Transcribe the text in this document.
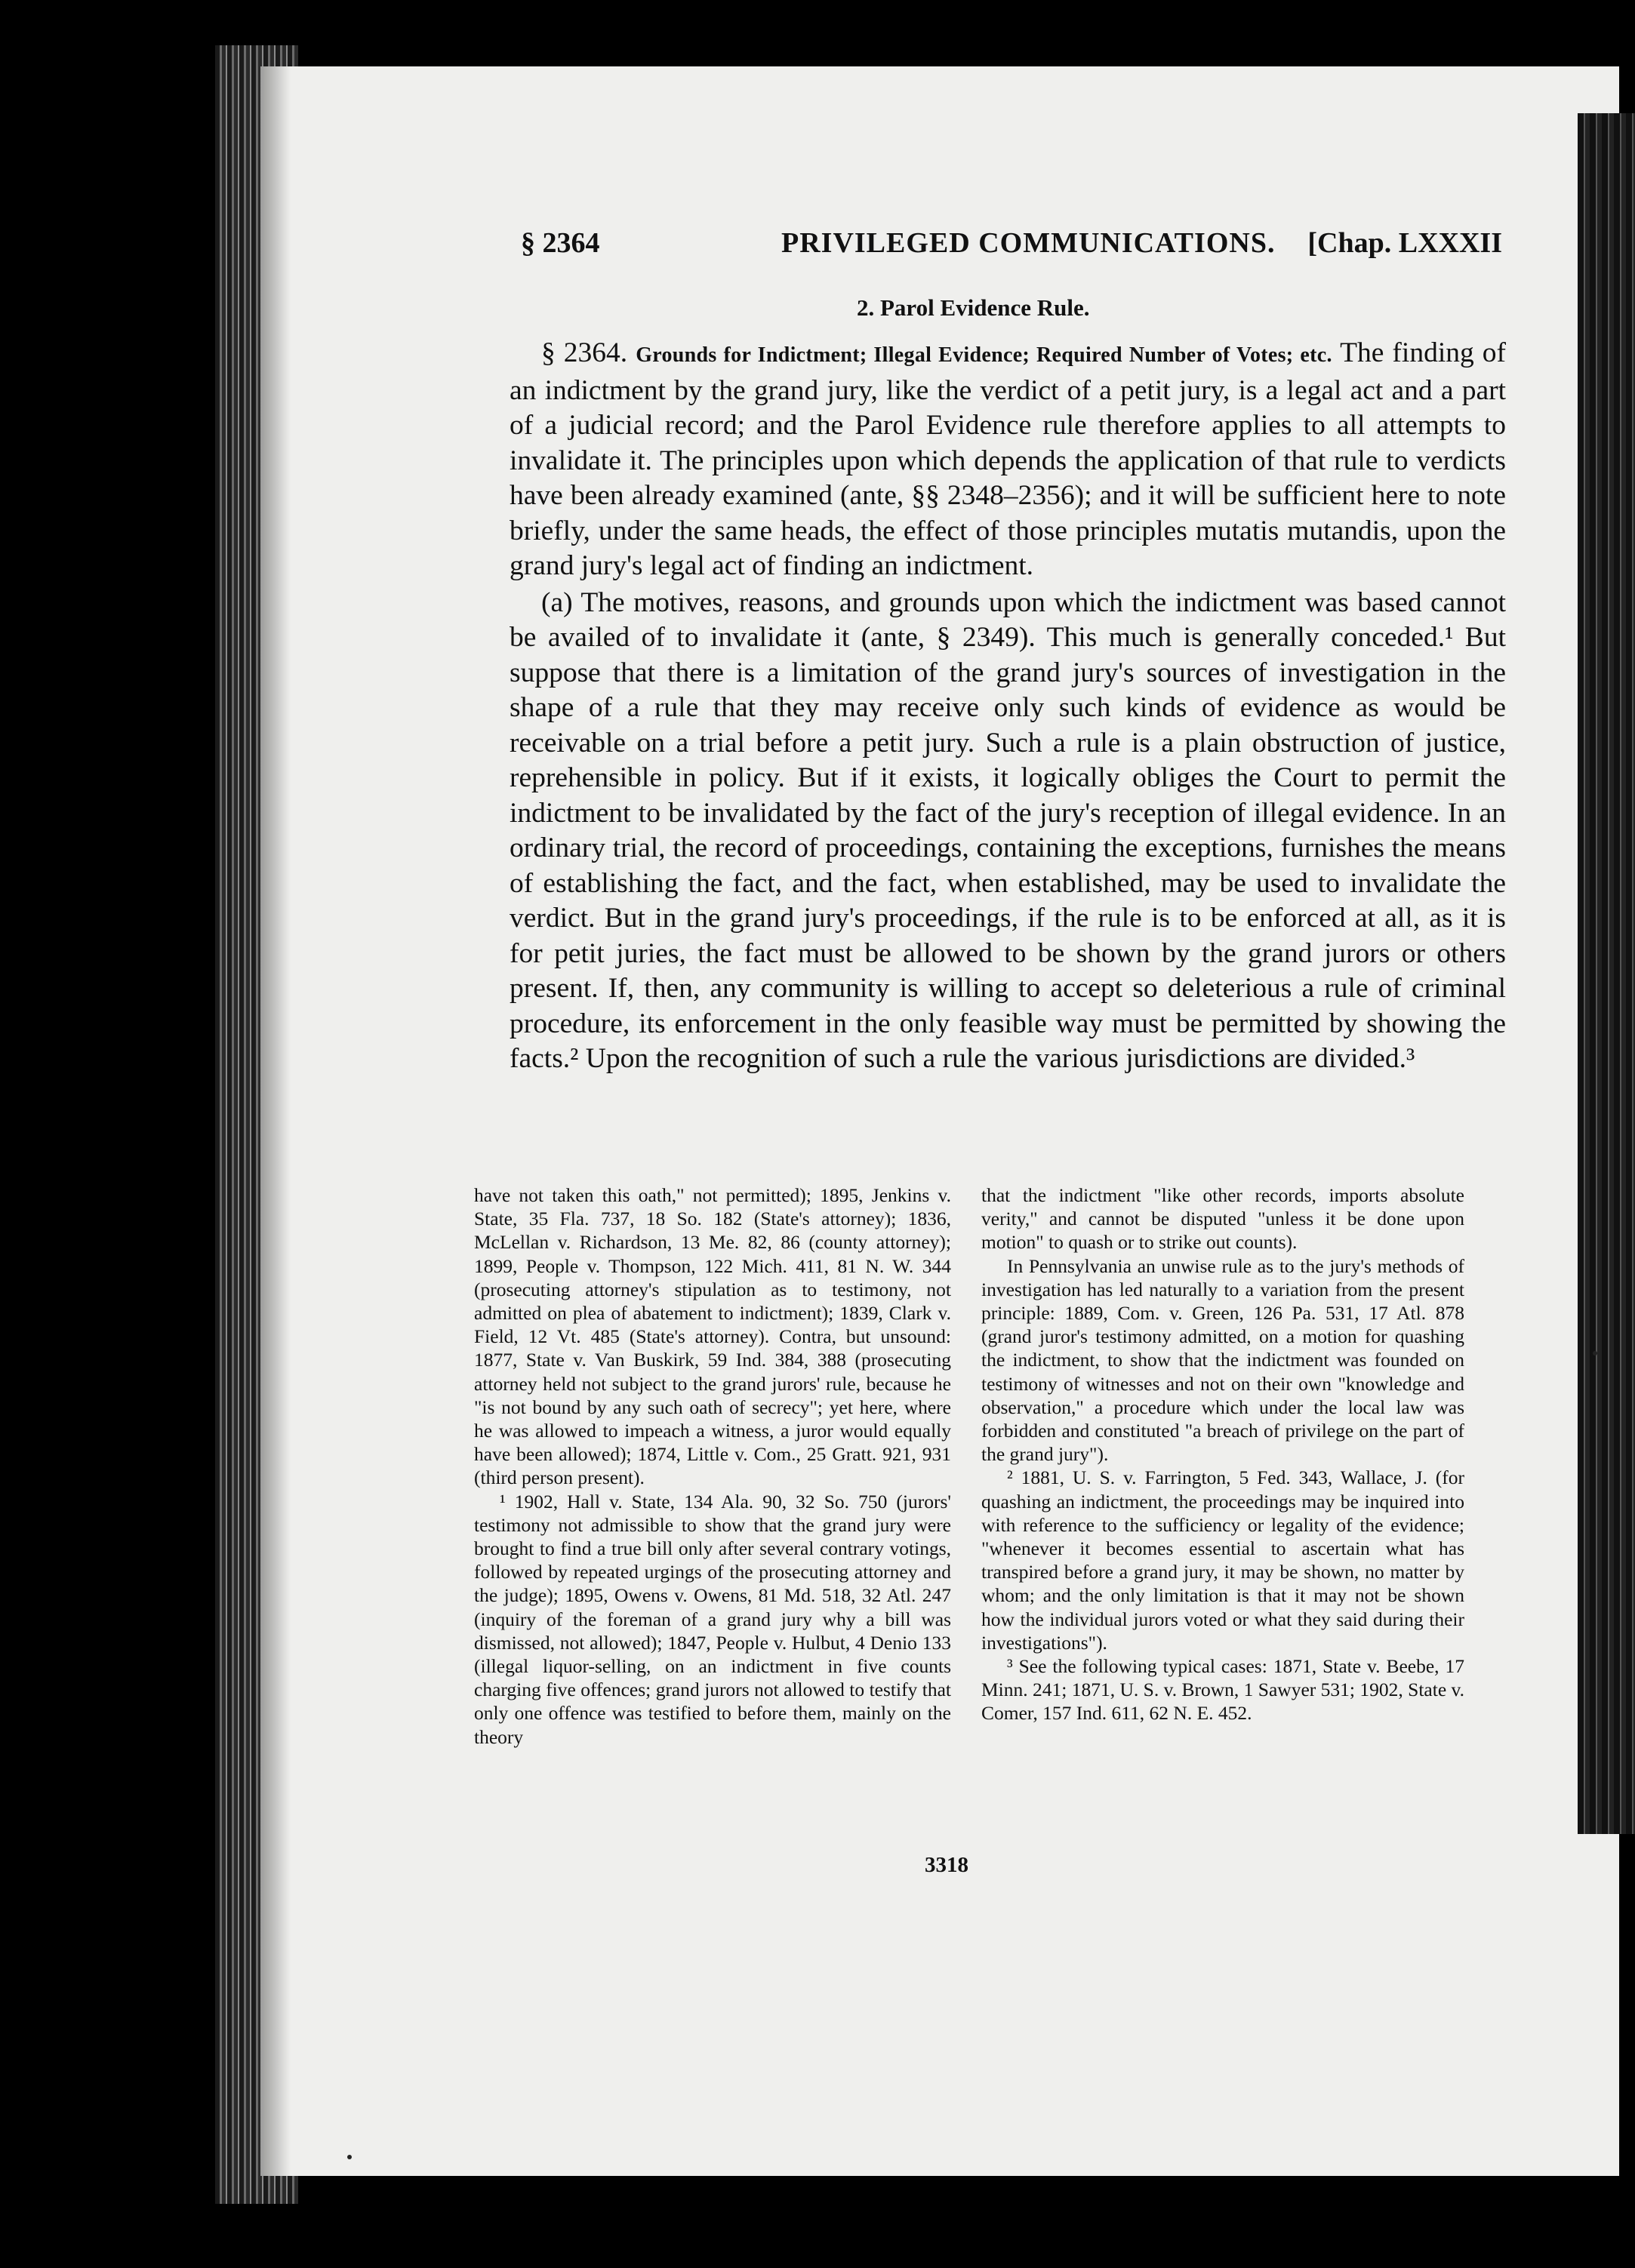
§ 2364	PRIVILEGED COMMUNICATIONS. [Chap. LXXXII
2. Parol Evidence Rule.

§ 2364. Grounds for Indictment; Illegal Evidence; Required Number of Votes; etc. The finding of an indictment by the grand jury, like the verdict of a petit jury, is a legal act and a part of a judicial record; and the Parol Evidence rule therefore applies to all attempts to invalidate it. The principles upon which depends the application of that rule to verdicts have been already examined (ante, §§ 2348–2356); and it will be sufficient here to note briefly, under the same heads, the effect of those principles mutatis mutandis, upon the grand jury's legal act of finding an indictment.

(a) The motives, reasons, and grounds upon which the indictment was based cannot be availed of to invalidate it (ante, § 2349). This much is generally conceded.¹ But suppose that there is a limitation of the grand jury's sources of investigation in the shape of a rule that they may receive only such kinds of evidence as would be receivable on a trial before a petit jury. Such a rule is a plain obstruction of justice, reprehensible in policy. But if it exists, it logically obliges the Court to permit the indictment to be invalidated by the fact of the jury's reception of illegal evidence. In an ordinary trial, the record of proceedings, containing the exceptions, furnishes the means of establishing the fact, and the fact, when established, may be used to invalidate the verdict. But in the grand jury's proceedings, if the rule is to be enforced at all, as it is for petit juries, the fact must be allowed to be shown by the grand jurors or others present. If, then, any community is willing to accept so deleterious a rule of criminal procedure, its enforcement in the only feasible way must be permitted by showing the facts.² Upon the recognition of such a rule the various jurisdictions are divided.³

have not taken this oath," not permitted); 1895, Jenkins v. State, 35 Fla. 737, 18 So. 182 (State's attorney); 1836, McLellan v. Richardson, 13 Me. 82, 86 (county attorney); 1899, People v. Thompson, 122 Mich. 411, 81 N. W. 344 (prosecuting attorney's stipulation as to testimony, not admitted on plea of abatement to indictment); 1839, Clark v. Field, 12 Vt. 485 (State's attorney). Contra, but unsound: 1877, State v. Van Buskirk, 59 Ind. 384, 388 (prosecuting attorney held not subject to the grand jurors' rule, because he "is not bound by any such oath of secrecy"; yet here, where he was allowed to impeach a witness, a juror would equally have been allowed); 1874, Little v. Com., 25 Gratt. 921, 931 (third person present).

¹ 1902, Hall v. State, 134 Ala. 90, 32 So. 750 (jurors' testimony not admissible to show that the grand jury were brought to find a true bill only after several contrary votings, followed by repeated urgings of the prosecuting attorney and the judge); 1895, Owens v. Owens, 81 Md. 518, 32 Atl. 247 (inquiry of the foreman of a grand jury why a bill was dismissed, not allowed); 1847, People v. Hulbut, 4 Denio 133 (illegal liquor-selling, on an indictment in five counts charging five offences; grand jurors not allowed to testify that only one offence was testified to before them, mainly on the theory

that the indictment "like other records, imports absolute verity," and cannot be disputed "unless it be done upon motion" to quash or to strike out counts).

In Pennsylvania an unwise rule as to the jury's methods of investigation has led naturally to a variation from the present principle: 1889, Com. v. Green, 126 Pa. 531, 17 Atl. 878 (grand juror's testimony admitted, on a motion for quashing the indictment, to show that the indictment was founded on testimony of witnesses and not on their own "knowledge and observation," a procedure which under the local law was forbidden and constituted "a breach of privilege on the part of the grand jury").

² 1881, U. S. v. Farrington, 5 Fed. 343, Wallace, J. (for quashing an indictment, the proceedings may be inquired into with reference to the sufficiency or legality of the evidence; "whenever it becomes essential to ascertain what has transpired before a grand jury, it may be shown, no matter by whom; and the only limitation is that it may not be shown how the individual jurors voted or what they said during their investigations").

³ See the following typical cases: 1871, State v. Beebe, 17 Minn. 241; 1871, U. S. v. Brown, 1 Sawyer 531; 1902, State v. Comer, 157 Ind. 611, 62 N. E. 452.

3318
